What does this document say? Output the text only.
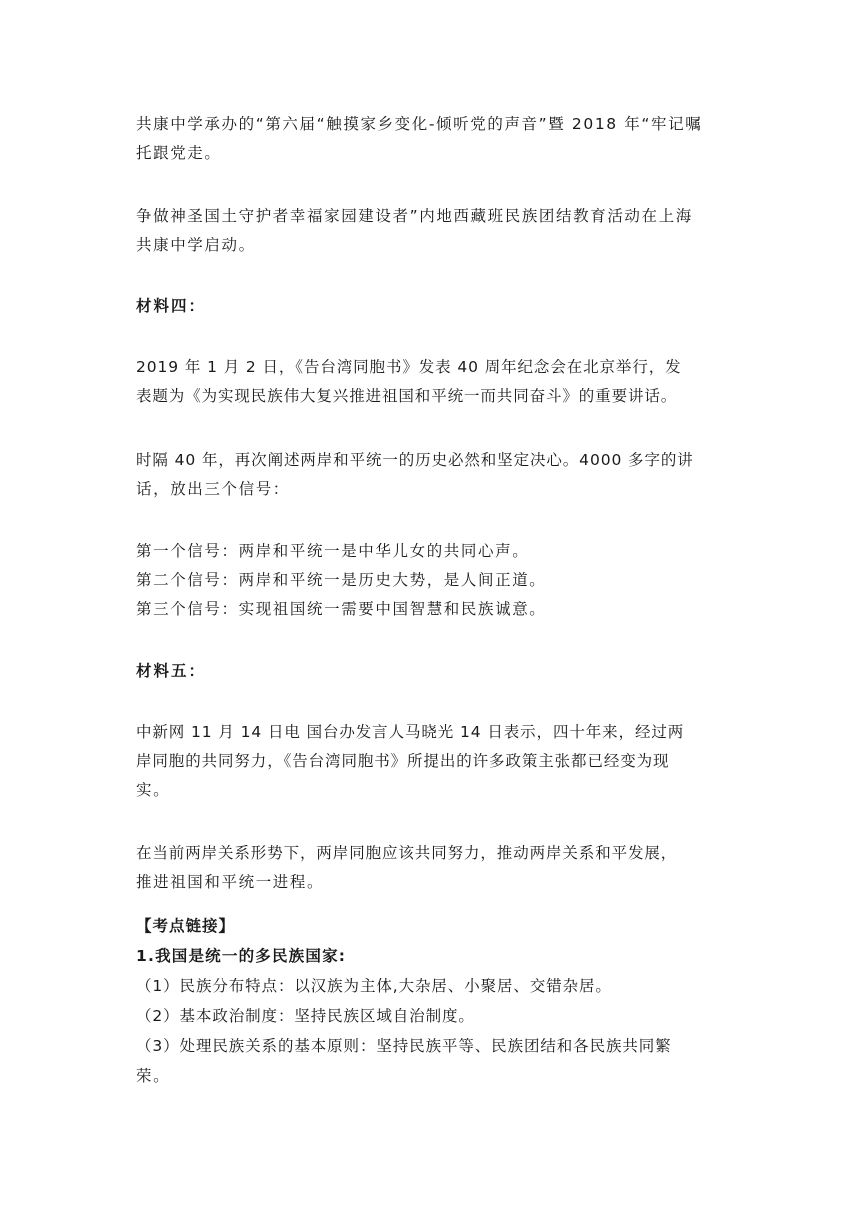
共康中学承办的“第六届“触摸家乡变化-倾听党的声音”暨 2018 年“牢记嘱
托跟党走。
争做神圣国土守护者幸福家园建设者”内地西藏班民族团结教育活动在上海
共康中学启动。
材料四：
2019 年 1 月 2 日，《告台湾同胞书》发表 40 周年纪念会在北京举行，发
表题为《为实现民族伟大复兴推进祖国和平统一而共同奋斗》的重要讲话。
时隔 40 年，再次阐述两岸和平统一的历史必然和坚定决心。4000 多字的讲
话，放出三个信号：
第一个信号：两岸和平统一是中华儿女的共同心声。
第二个信号：两岸和平统一是历史大势，是人间正道。
第三个信号：实现祖国统一需要中国智慧和民族诚意。
材料五：
中新网 11 月 14 日电 国台办发言人马晓光 14 日表示，四十年来，经过两
岸同胞的共同努力，《告台湾同胞书》所提出的许多政策主张都已经变为现
实。
在当前两岸关系形势下，两岸同胞应该共同努力，推动两岸关系和平发展，
推进祖国和平统一进程。
【考点链接】
1.我国是统一的多民族国家:
（1）民族分布特点：以汉族为主体,大杂居、小聚居、交错杂居。
（2）基本政治制度：坚持民族区域自治制度。
（3）处理民族关系的基本原则：坚持民族平等、民族团结和各民族共同繁
荣。
